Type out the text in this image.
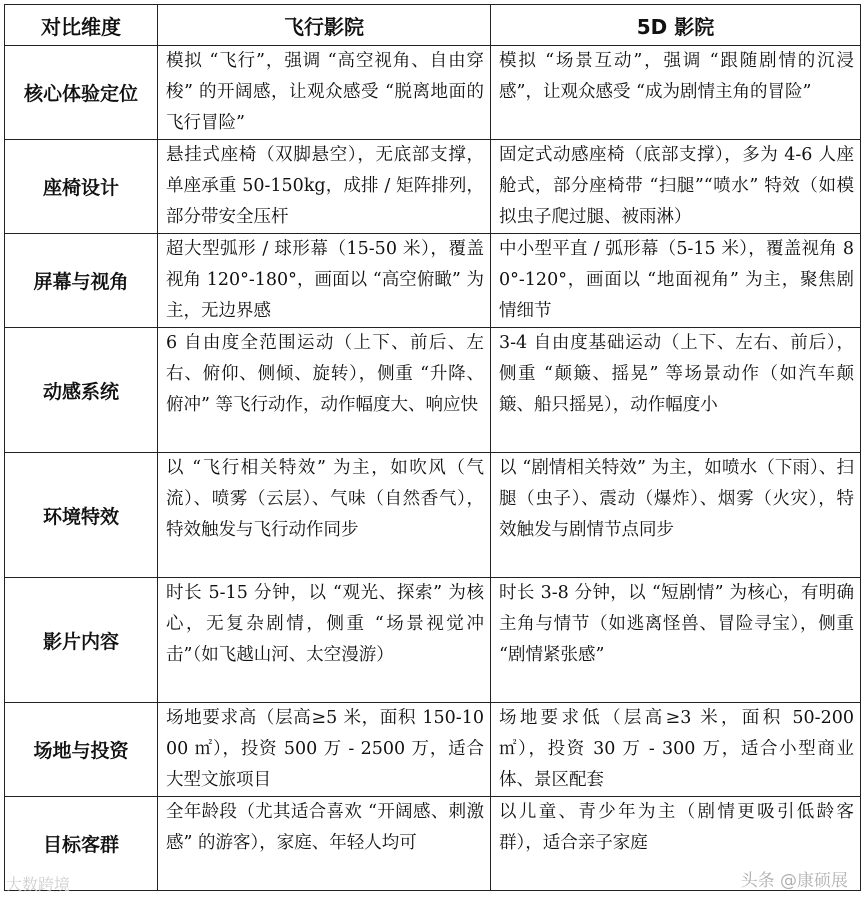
对比维度	飞行影院	5D 影院
核心体验定位	模拟 “飞行”，强调 “高空视角、自由穿梭” 的开阔感，让观众感受 “脱离地面的飞行冒险”	模拟 “场景互动”，强调 “跟随剧情的沉浸感”，让观众感受 “成为剧情主角的冒险”
座椅设计	悬挂式座椅（双脚悬空），无底部支撑，单座承重 50-150kg，成排 / 矩阵排列，部分带安全压杆	固定式动感座椅（底部支撑），多为 4-6 人座舱式，部分座椅带 “扫腿”“喷水” 特效（如模拟虫子爬过腿、被雨淋）
屏幕与视角	超大型弧形 / 球形幕（15-50 米），覆盖视角 120°-180°，画面以 “高空俯瞰” 为主，无边界感	中小型平直 / 弧形幕（5-15 米），覆盖视角 80°-120°，画面以 “地面视角” 为主，聚焦剧情细节
动感系统	6 自由度全范围运动（上下、前后、左右、俯仰、侧倾、旋转），侧重 “升降、俯冲” 等飞行动作，动作幅度大、响应快	3-4 自由度基础运动（上下、左右、前后），侧重 “颠簸、摇晃” 等场景动作（如汽车颠簸、船只摇晃），动作幅度小
环境特效	以 “飞行相关特效” 为主，如吹风（气流）、喷雾（云层）、气味（自然香气），特效触发与飞行动作同步	以 “剧情相关特效” 为主，如喷水（下雨）、扫腿（虫子）、震动（爆炸）、烟雾（火灾），特效触发与剧情节点同步
影片内容	时长 5-15 分钟，以 “观光、探索” 为核心，无复杂剧情，侧重 “场景视觉冲击”（如飞越山河、太空漫游）	时长 3-8 分钟，以 “短剧情” 为核心，有明确主角与情节（如逃离怪兽、冒险寻宝），侧重 “剧情紧张感”
场地与投资	场地要求高（层高≥5 米，面积 150-1000 ㎡），投资 500 万 - 2500 万，适合大型文旅项目	场地要求低（层高≥3 米，面积 50-200 ㎡），投资 30 万 - 300 万，适合小型商业体、景区配套
目标客群	全年龄段（尤其适合喜欢 “开阔感、刺激感” 的游客），家庭、年轻人均可	以儿童、青少年为主（剧情更吸引低龄客群），适合亲子家庭
大数跨境	头条 @康硕展
